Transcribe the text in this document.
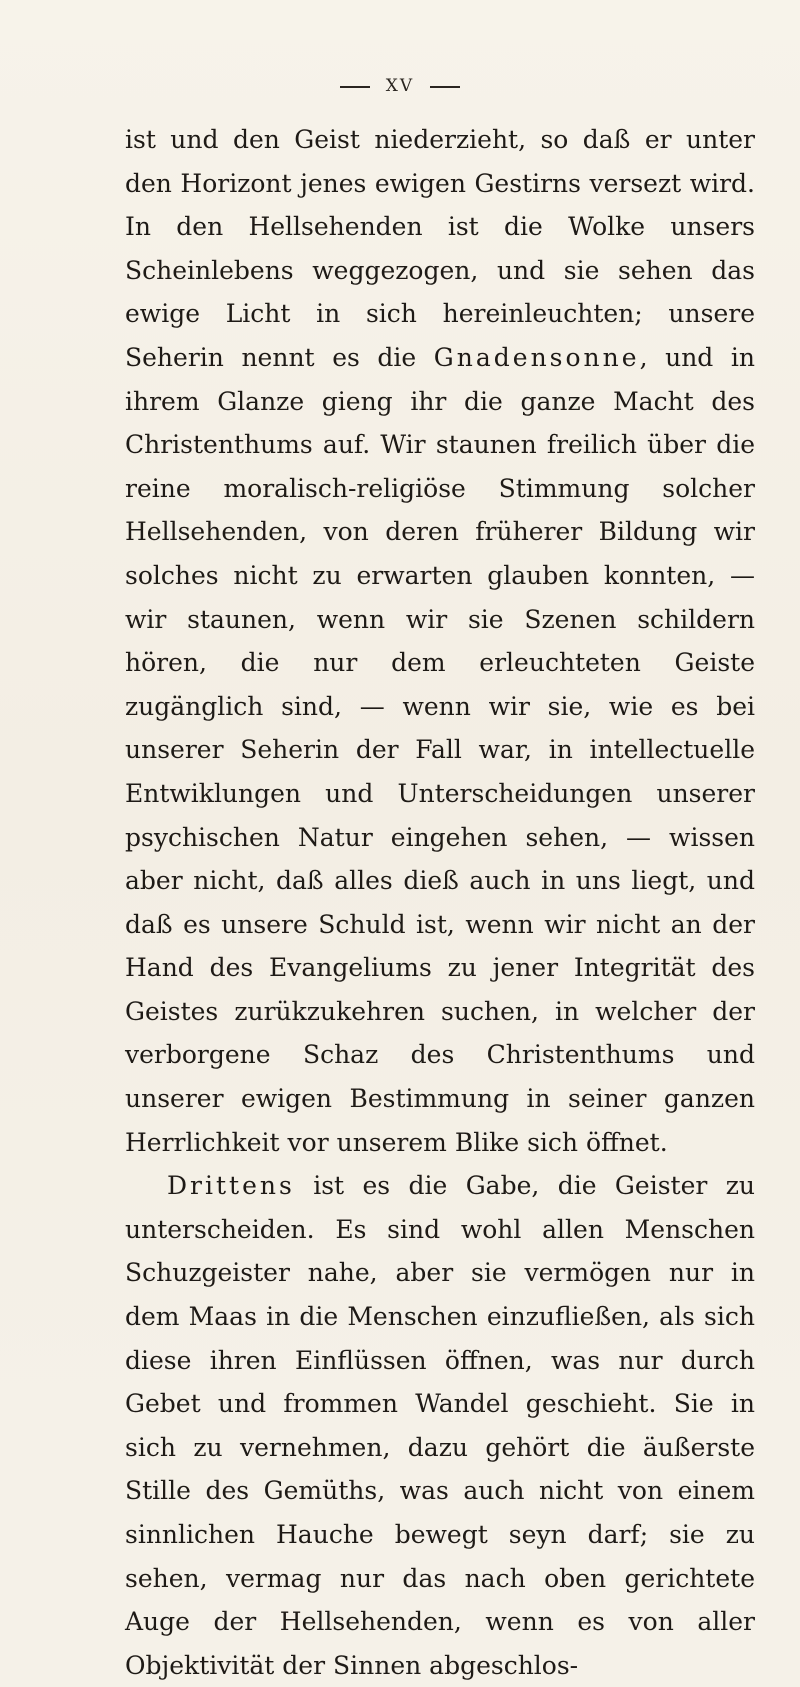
XV

ist und den Geist niederzieht, so daß er unter den Horizont jenes ewigen Gestirns versezt wird. In den Hellsehenden ist die Wolke unsers Scheinlebens weggezogen, und sie sehen das ewige Licht in sich hereinleuchten; unsere Seherin nennt es die Gnadensonne, und in ihrem Glanze gieng ihr die ganze Macht des Christenthums auf. Wir staunen freilich über die reine moralisch-religiöse Stimmung solcher Hellsehenden, von deren früherer Bildung wir solches nicht zu erwarten glauben konnten, — wir staunen, wenn wir sie Szenen schildern hören, die nur dem erleuchteten Geiste zugänglich sind, — wenn wir sie, wie es bei unserer Seherin der Fall war, in intellectuelle Entwiklungen und Unterscheidungen unserer psychischen Natur eingehen sehen, — wissen aber nicht, daß alles dieß auch in uns liegt, und daß es unsere Schuld ist, wenn wir nicht an der Hand des Evangeliums zu jener Integrität des Geistes zurükzukehren suchen, in welcher der verborgene Schaz des Christenthums und unserer ewigen Bestimmung in seiner ganzen Herrlichkeit vor unserem Blike sich öffnet.

Drittens ist es die Gabe, die Geister zu unterscheiden. Es sind wohl allen Menschen Schuzgeister nahe, aber sie vermögen nur in dem Maas in die Menschen einzufließen, als sich diese ihren Einflüssen öffnen, was nur durch Gebet und frommen Wandel geschieht. Sie in sich zu vernehmen, dazu gehört die äußerste Stille des Gemüths, was auch nicht von einem sinnlichen Hauche bewegt seyn darf; sie zu sehen, vermag nur das nach oben gerichtete Auge der Hellsehenden, wenn es von aller Objektivität der Sinnen abgeschlos-
